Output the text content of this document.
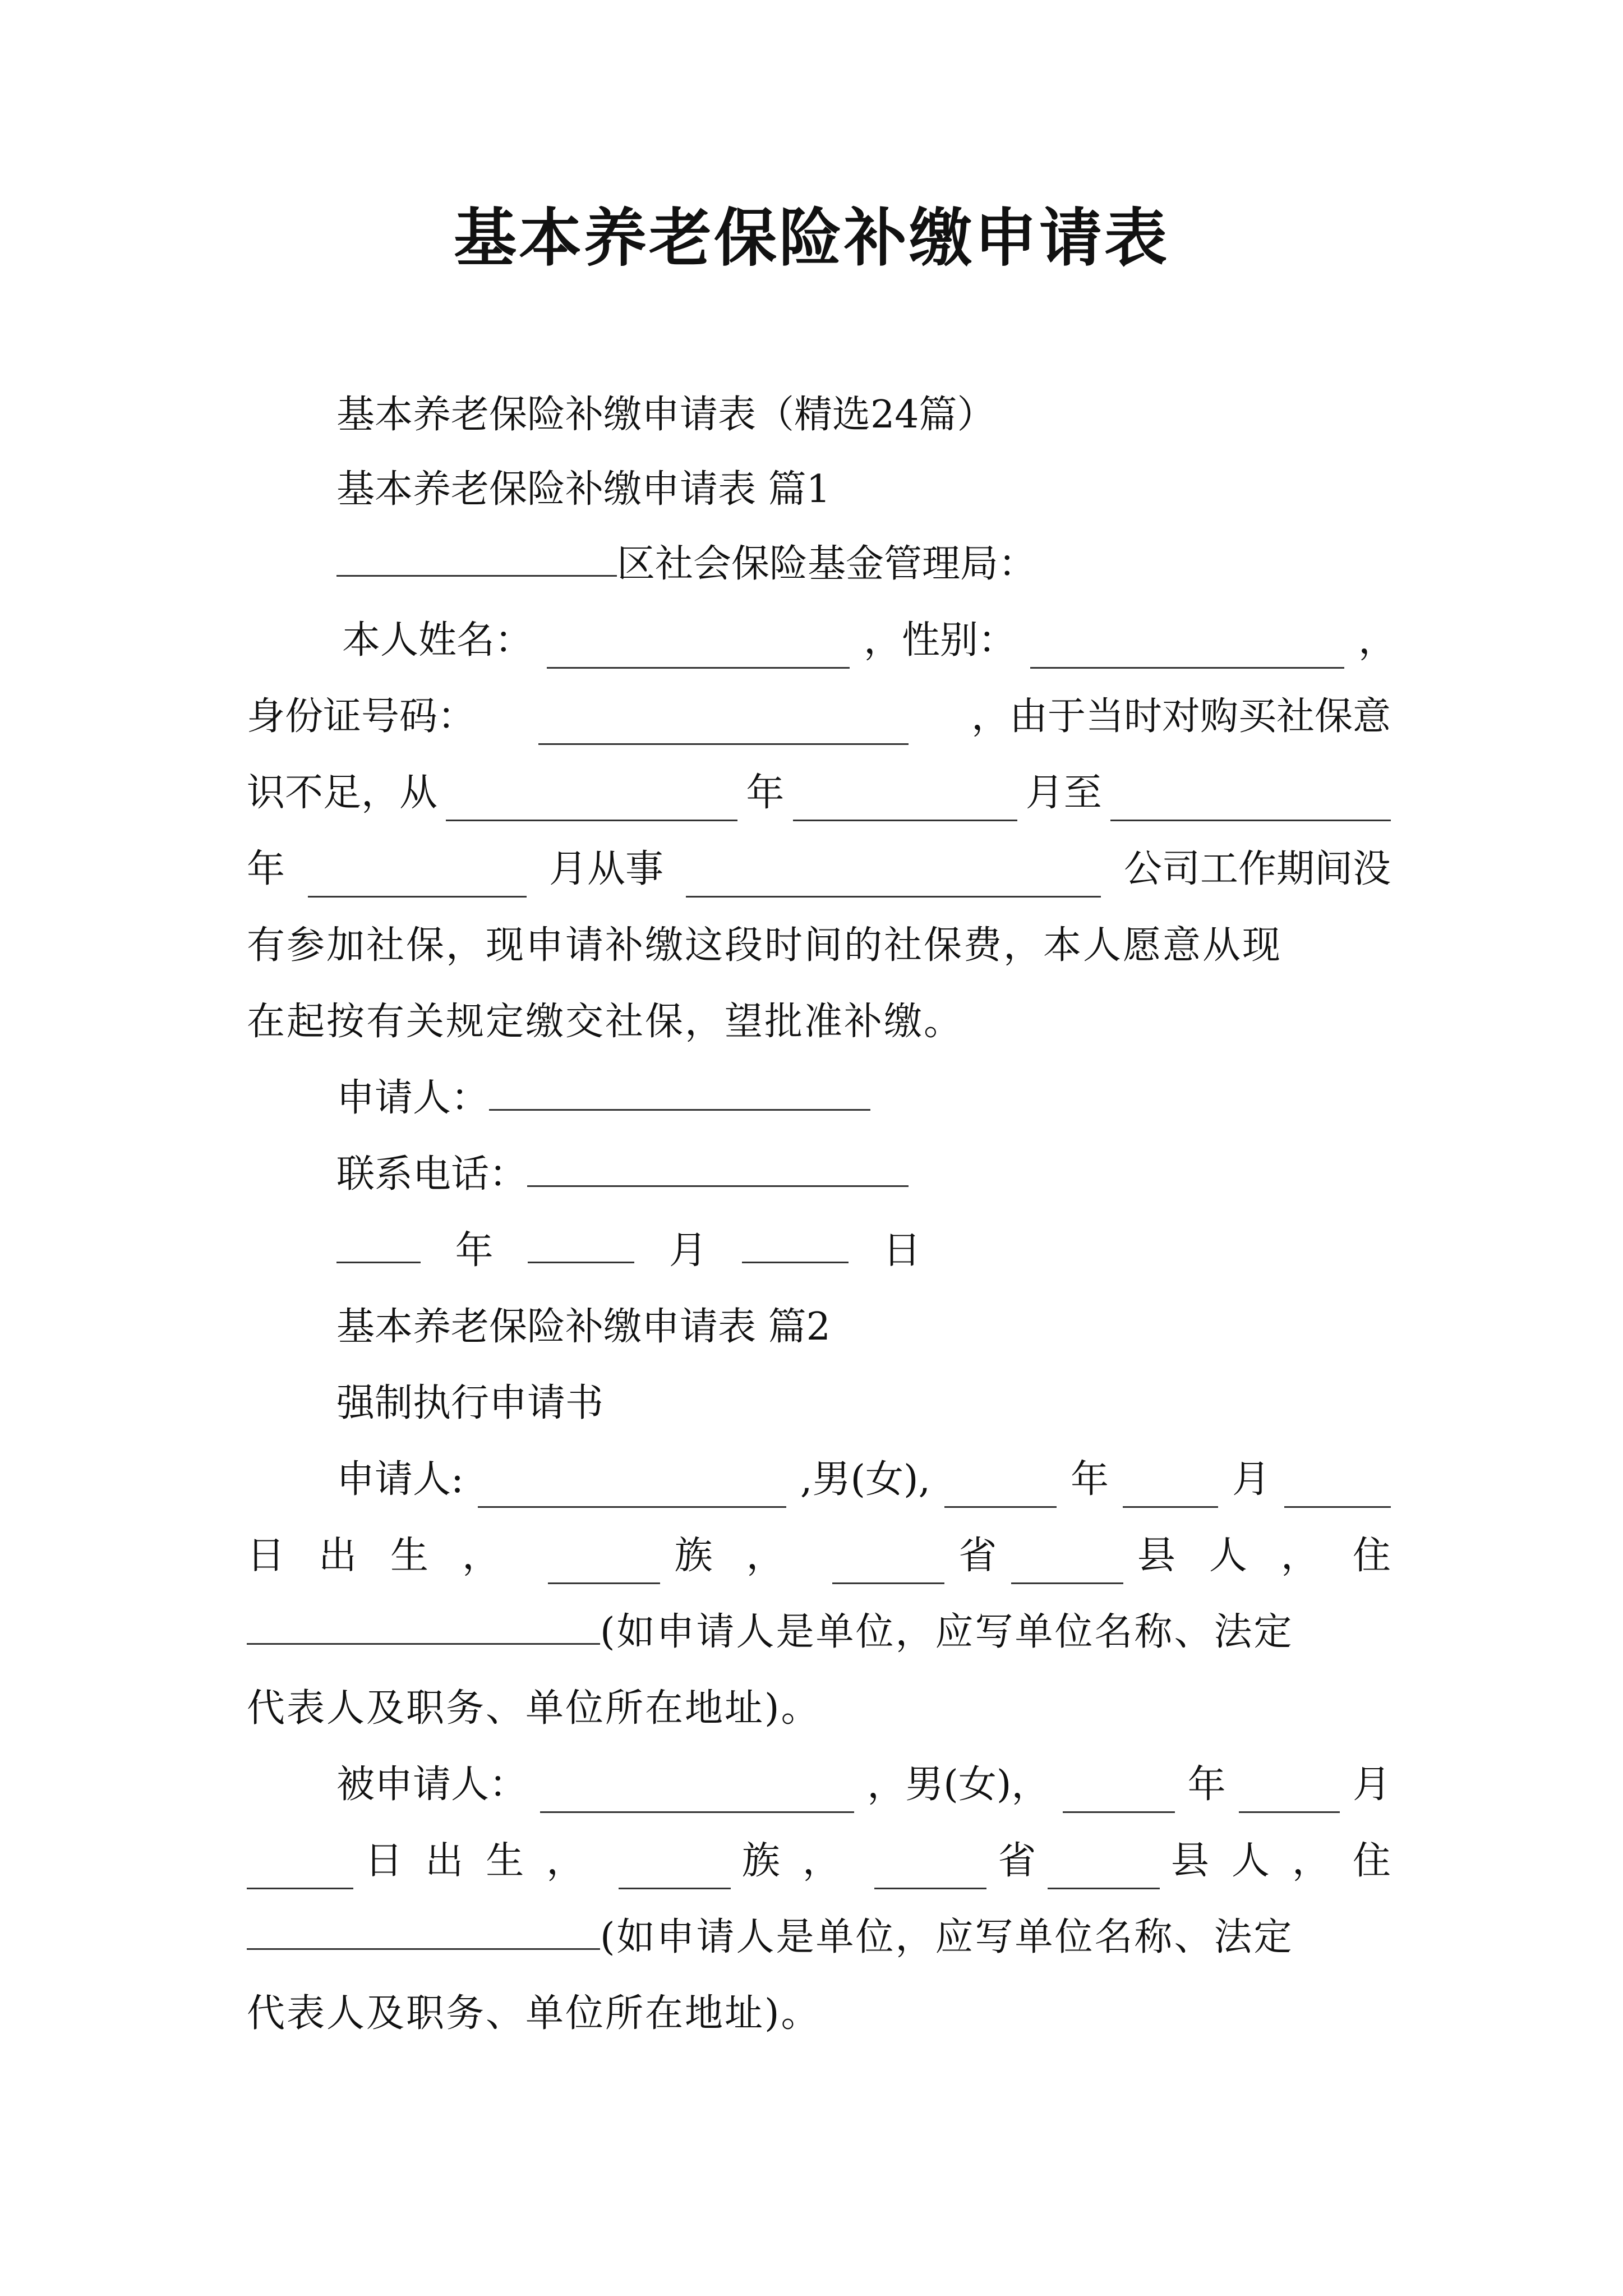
基本养老保险补缴申请表
基本养老保险补缴申请表（精选24篇）
基本养老保险补缴申请表 篇1
区社会保险基金管理局：
本人姓名：	，性别：	，
身份证号码：	，由于当时对购买社保意
识不足，从	年	月至
年	月从事	公司工作期间没
有参加社保，现申请补缴这段时间的社保费，本人愿意从现
在起按有关规定缴交社保，望批准补缴。
申请人：
联系电话：
年	月	日
基本养老保险补缴申请表 篇2
强制执行申请书
申请人:	,男(女),	年	月
日出生，	族，	省	县人，住
(如申请人是单位，应写单位名称、法定
代表人及职务、单位所在地址)。
被申请人：	，男(女)，	年	月
日出生，	族，	省	县人，住
(如申请人是单位，应写单位名称、法定
代表人及职务、单位所在地址)。
